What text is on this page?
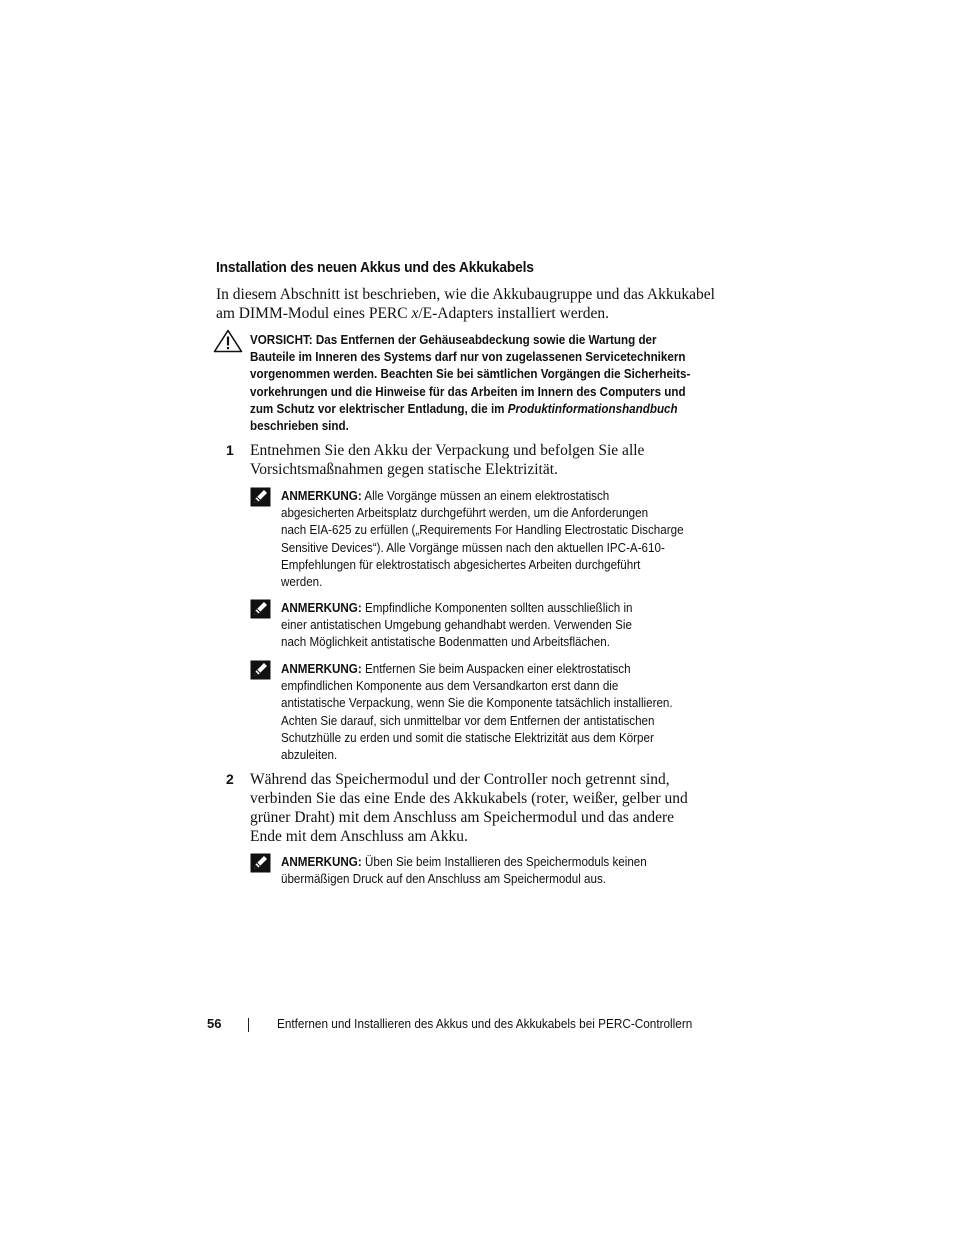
Installation des neuen Akkus und des Akkukabels
In diesem Abschnitt ist beschrieben, wie die Akkubaugruppe und das Akkukabel
am DIMM-Modul eines PERC x/E-Adapters installiert werden.
VORSICHT: Das Entfernen der Gehäuseabdeckung sowie die Wartung der
Bauteile im Inneren des Systems darf nur von zugelassenen Servicetechnikern
vorgenommen werden. Beachten Sie bei sämtlichen Vorgängen die Sicherheits-
vorkehrungen und die Hinweise für das Arbeiten im Innern des Computers und
zum Schutz vor elektrischer Entladung, die im Produktinformationshandbuch
beschrieben sind.
1 Entnehmen Sie den Akku der Verpackung und befolgen Sie alle
Vorsichtsmaßnahmen gegen statische Elektrizität.
ANMERKUNG: Alle Vorgänge müssen an einem elektrostatisch
abgesicherten Arbeitsplatz durchgeführt werden, um die Anforderungen
nach EIA-625 zu erfüllen („Requirements For Handling Electrostatic Discharge
Sensitive Devices“). Alle Vorgänge müssen nach den aktuellen IPC-A-610-
Empfehlungen für elektrostatisch abgesichertes Arbeiten durchgeführt
werden.
ANMERKUNG: Empfindliche Komponenten sollten ausschließlich in
einer antistatischen Umgebung gehandhabt werden. Verwenden Sie
nach Möglichkeit antistatische Bodenmatten und Arbeitsflächen.
ANMERKUNG: Entfernen Sie beim Auspacken einer elektrostatisch
empfindlichen Komponente aus dem Versandkarton erst dann die
antistatische Verpackung, wenn Sie die Komponente tatsächlich installieren.
Achten Sie darauf, sich unmittelbar vor dem Entfernen der antistatischen
Schutzhülle zu erden und somit die statische Elektrizität aus dem Körper
abzuleiten.
2 Während das Speichermodul und der Controller noch getrennt sind,
verbinden Sie das eine Ende des Akkukabels (roter, weißer, gelber und
grüner Draht) mit dem Anschluss am Speichermodul und das andere
Ende mit dem Anschluss am Akku.
ANMERKUNG: Üben Sie beim Installieren des Speichermoduls keinen
übermäßigen Druck auf den Anschluss am Speichermodul aus.
56	Entfernen und Installieren des Akkus und des Akkukabels bei PERC-Controllern
